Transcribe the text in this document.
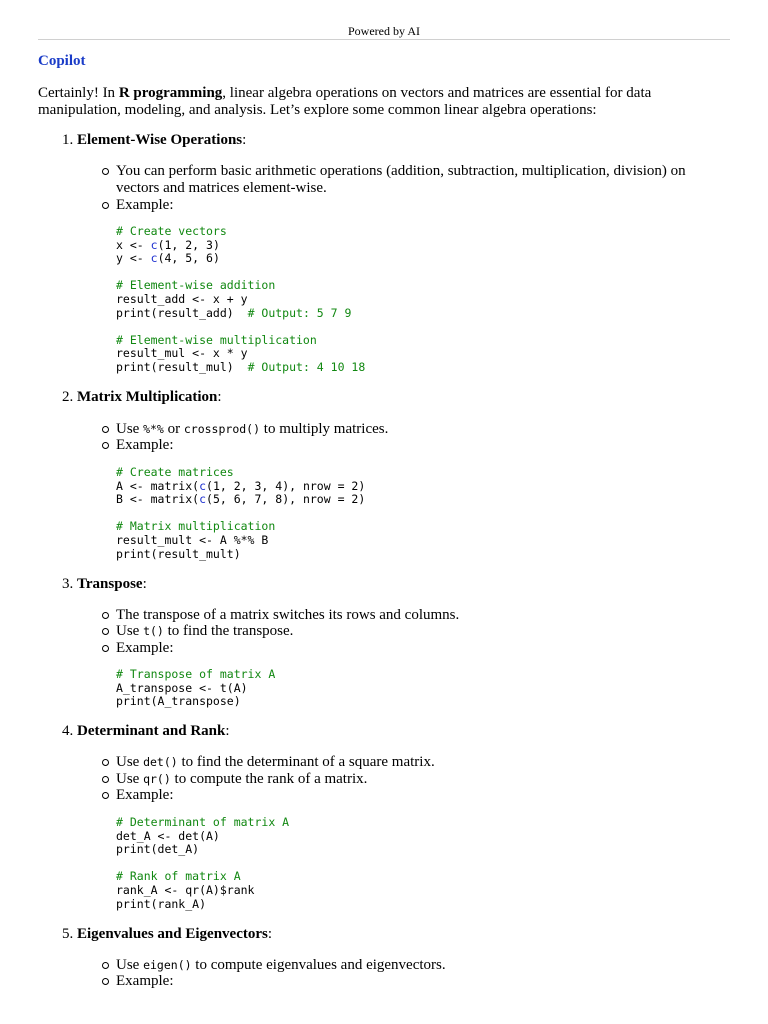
Powered by AI
Copilot
Certainly! In R programming, linear algebra operations on vectors and matrices are essential for data manipulation, modeling, and analysis. Let’s explore some common linear algebra operations:
1. Element-Wise Operations:
You can perform basic arithmetic operations (addition, subtraction, multiplication, division) on vectors and matrices element-wise.
Example:
# Create vectors
x <- c(1, 2, 3)
y <- c(4, 5, 6)

# Element-wise addition
result_add <- x + y
print(result_add)  # Output: 5 7 9

# Element-wise multiplication
result_mul <- x * y
print(result_mul)  # Output: 4 10 18
2. Matrix Multiplication:
Use %*% or crossprod() to multiply matrices.
Example:
# Create matrices
A <- matrix(c(1, 2, 3, 4), nrow = 2)
B <- matrix(c(5, 6, 7, 8), nrow = 2)

# Matrix multiplication
result_mult <- A %*% B
print(result_mult)
3. Transpose:
The transpose of a matrix switches its rows and columns.
Use t() to find the transpose.
Example:
# Transpose of matrix A
A_transpose <- t(A)
print(A_transpose)
4. Determinant and Rank:
Use det() to find the determinant of a square matrix.
Use qr() to compute the rank of a matrix.
Example:
# Determinant of matrix A
det_A <- det(A)
print(det_A)

# Rank of matrix A
rank_A <- qr(A)$rank
print(rank_A)
5. Eigenvalues and Eigenvectors:
Use eigen() to compute eigenvalues and eigenvectors.
Example:
